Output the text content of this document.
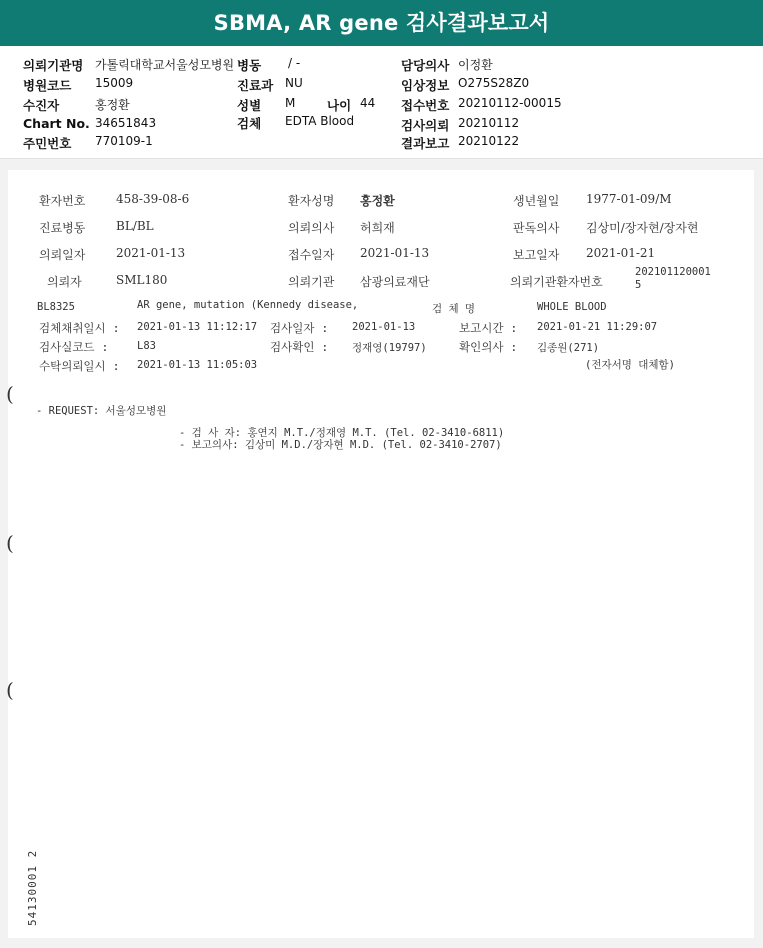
SBMA, AR gene 검사결과보고서
의뢰기관명 가톨릭대학교서울성모병원 병동 / -	담당의사 이정환
병원코드 15009	진료과 NU	임상정보 O275S28Z0
수진자	홍정환	성별 M	나이 44 접수번호 20210112-00015
Chart No. 34651843	검체 EDTA Blood	검사의뢰 20210112
주민번호 770109-1	결과보고 20210122
환자번호	458-39-08-6	환자성명 홍정환	생년월일 1977-01-09/M
진료병동	BL/BL	의뢰의사 허희재	판독의사 김상미/장자현/장자현
의뢰일자	2021-01-13	접수일자 2021-01-13	보고일자 2021-01-21
의뢰자	SML180	의뢰기관 삼광의료재단	의뢰기관환자번호
202101120001
5
BL8325	AR gene, mutation (Kennedy disease,	검 체 명	WHOLE BLOOD
검체채취일시 : 2021-01-13 11:12:17 검사일자 : 2021-01-13	보고시간 : 2021-01-21 11:29:07
검사실코드 :	L83	검사확인 : 정재영(19797)	확인의사 : 김종원(271)
수탁의뢰일시 : 2021-01-13 11:05:03	(전자서명 대체함)
- REQUEST: 서울성모병원
- 검 사 자: 홍연지 M.T./정재영 M.T. (Tel. 02-3410-6811)
- 보고의사: 김상미 M.D./장자현 M.D. (Tel. 02-3410-2707)
(
(
(
54130001 2
